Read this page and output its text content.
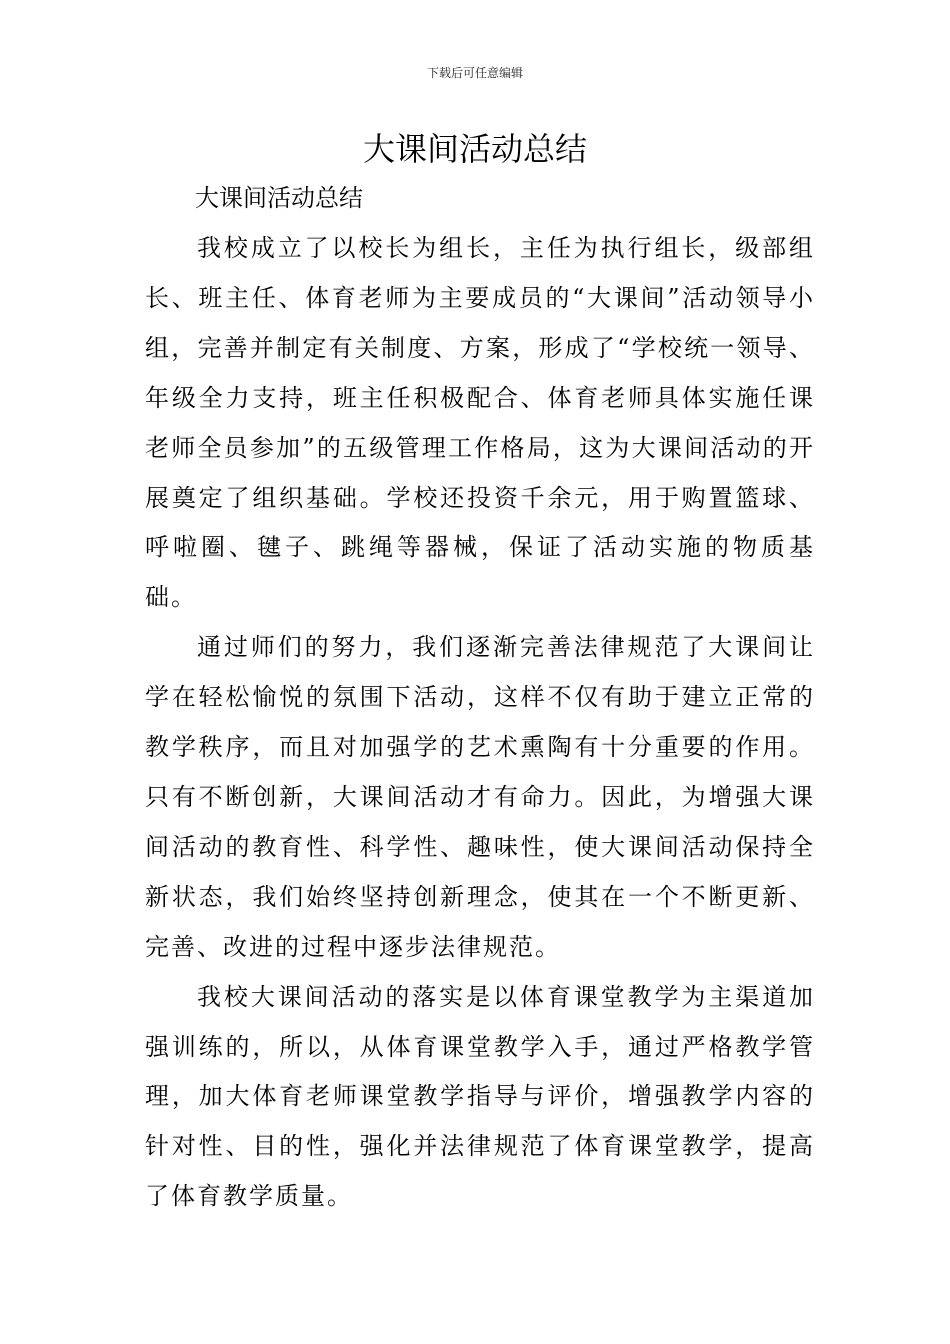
下载后可任意编辑
大课间活动总结

大课间活动总结

我校成立了以校长为组长，主任为执行组长，级部组长、班主任、体育老师为主要成员的“大课间”活动领导小组，完善并制定有关制度、方案，形成了“学校统一领导、年级全力支持，班主任积极配合、体育老师具体实施任课老师全员参加”的五级管理工作格局，这为大课间活动的开展奠定了组织基础。学校还投资千余元，用于购置篮球、呼啦圈、毽子、跳绳等器械，保证了活动实施的物质基础。

通过师们的努力，我们逐渐完善法律规范了大课间让学在轻松愉悦的氛围下活动，这样不仅有助于建立正常的教学秩序，而且对加强学的艺术熏陶有十分重要的作用。只有不断创新，大课间活动才有命力。因此，为增强大课间活动的教育性、科学性、趣味性，使大课间活动保持全新状态，我们始终坚持创新理念，使其在一个不断更新、完善、改进的过程中逐步法律规范。

我校大课间活动的落实是以体育课堂教学为主渠道加强训练的，所以，从体育课堂教学入手，通过严格教学管理，加大体育老师课堂教学指导与评价，增强教学内容的针对性、目的性，强化并法律规范了体育课堂教学，提高了体育教学质量。
